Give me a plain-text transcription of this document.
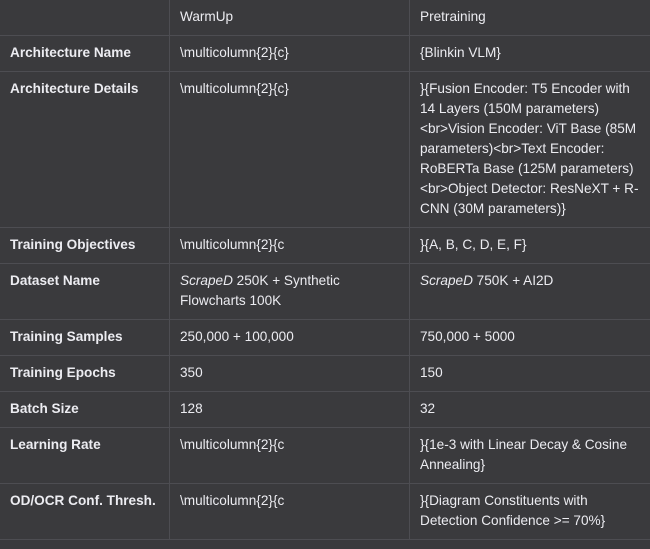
	WarmUp	Pretraining
Architecture Name	\multicolumn{2}{c}	{Blinkin VLM}
Architecture Details	\multicolumn{2}{c}	}{Fusion Encoder: T5 Encoder with 14 Layers (150M parameters)<br>Vision Encoder: ViT Base (85M parameters)<br>Text Encoder: RoBERTa Base (125M parameters)<br>Object Detector: ResNeXT + R-CNN (30M parameters)}
Training Objectives	\multicolumn{2}{c	}{A, B, C, D, E, F}
Dataset Name	ScrapeD 250K + Synthetic Flowcharts 100K	ScrapeD 750K + AI2D
Training Samples	250,000 + 100,000	750,000 + 5000
Training Epochs	350	150
Batch Size	128	32
Learning Rate	\multicolumn{2}{c	}{1e-3 with Linear Decay & Cosine Annealing}
OD/OCR Conf. Thresh.	\multicolumn{2}{c	}{Diagram Constituents with Detection Confidence >= 70%}
